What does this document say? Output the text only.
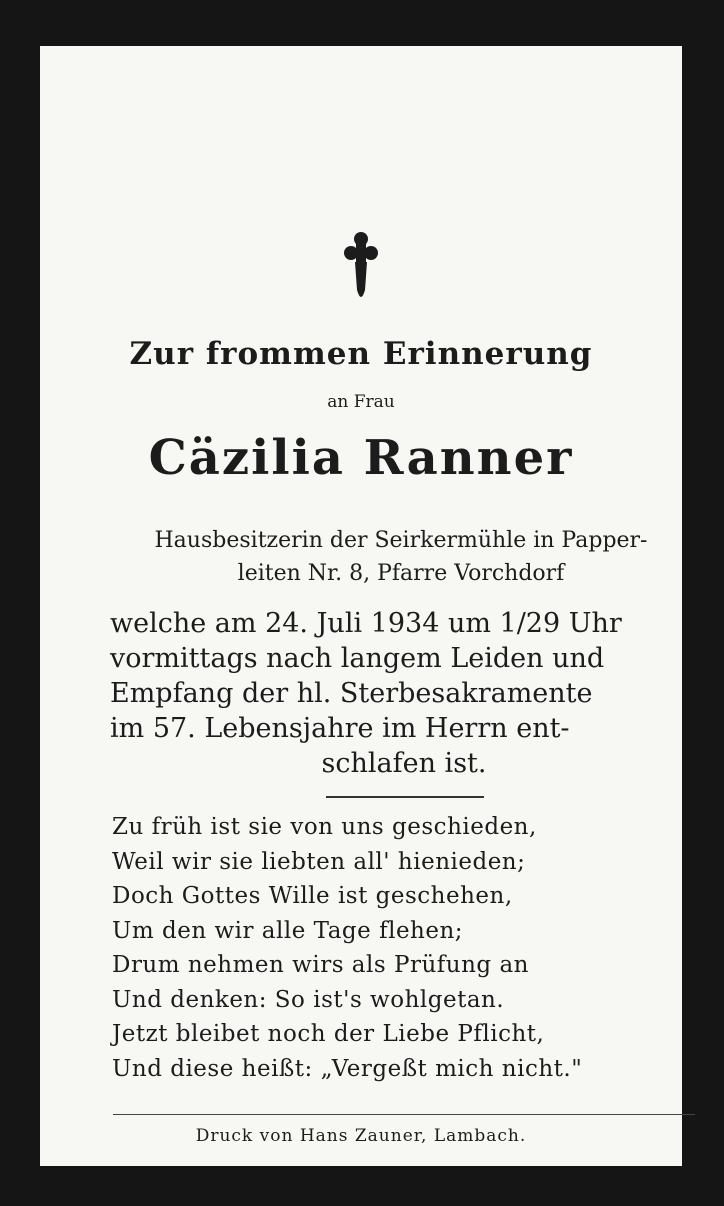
Zur frommen Erinnerung
an Frau
Cäzilia Ranner
Hausbesitzerin der Seirkermühle in Papper-
leiten Nr. 8, Pfarre Vorchdorf
welche am 24. Juli 1934 um 1/29 Uhr
vormittags nach langem Leiden und
Empfang der hl. Sterbesakramente
im 57. Lebensjahre im Herrn ent-
schlafen ist.
Zu früh ist sie von uns geschieden,
Weil wir sie liebten all' hienieden;
Doch Gottes Wille ist geschehen,
Um den wir alle Tage flehen;
Drum nehmen wirs als Prüfung an
Und denken: So ist's wohlgetan.
Jetzt bleibet noch der Liebe Pflicht,
Und diese heißt: „Vergeßt mich nicht."
Druck von Hans Zauner, Lambach.
